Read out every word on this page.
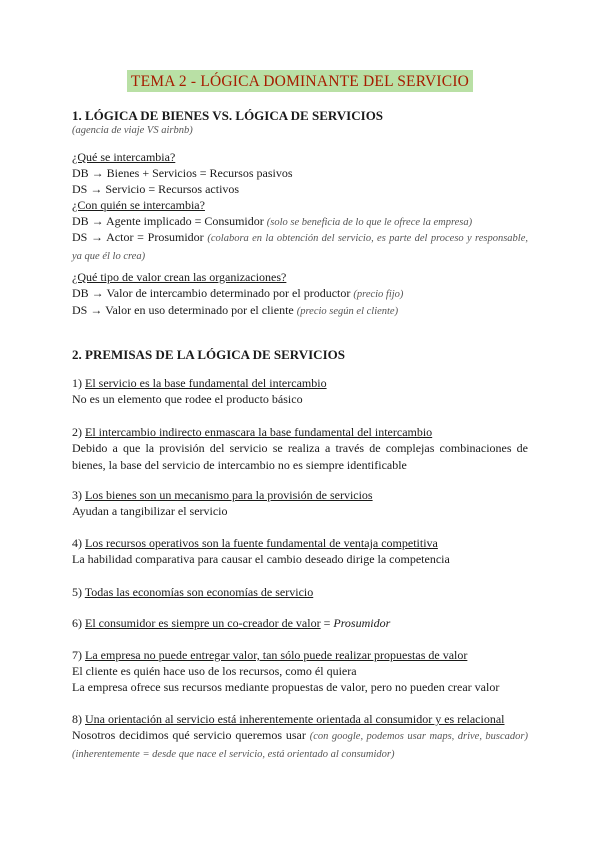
TEMA 2 - LÓGICA DOMINANTE DEL SERVICIO
1. LÓGICA DE BIENES VS. LÓGICA DE SERVICIOS
(agencia de viaje VS airbnb)
¿Qué se intercambia?
DB → Bienes + Servicios = Recursos pasivos
DS → Servicio = Recursos activos
¿Con quién se intercambia?
DB → Agente implicado = Consumidor (solo se beneficia de lo que le ofrece la empresa)
DS → Actor = Prosumidor (colabora en la obtención del servicio, es parte del proceso y responsable, ya que él lo crea)
¿Qué tipo de valor crean las organizaciones?
DB → Valor de intercambio determinado por el productor (precio fijo)
DS → Valor en uso determinado por el cliente (precio según el cliente)
2. PREMISAS DE LA LÓGICA DE SERVICIOS
1) El servicio es la base fundamental del intercambio
No es un elemento que rodee el producto básico
2) El intercambio indirecto enmascara la base fundamental del intercambio
Debido a que la provisión del servicio se realiza a través de complejas combinaciones de bienes, la base del servicio de intercambio no es siempre identificable
3) Los bienes son un mecanismo para la provisión de servicios
Ayudan a tangibilizar el servicio
4) Los recursos operativos son la fuente fundamental de ventaja competitiva
La habilidad comparativa para causar el cambio deseado dirige la competencia
5) Todas las economías son economías de servicio
6) El consumidor es siempre un co-creador de valor = Prosumidor
7) La empresa no puede entregar valor, tan sólo puede realizar propuestas de valor
El cliente es quién hace uso de los recursos, como él quiera
La empresa ofrece sus recursos mediante propuestas de valor, pero no pueden crear valor
8) Una orientación al servicio está inherentemente orientada al consumidor y es relacional
Nosotros decidimos qué servicio queremos usar (con google, podemos usar maps, drive, buscador) (inherentemente = desde que nace el servicio, está orientado al consumidor)
